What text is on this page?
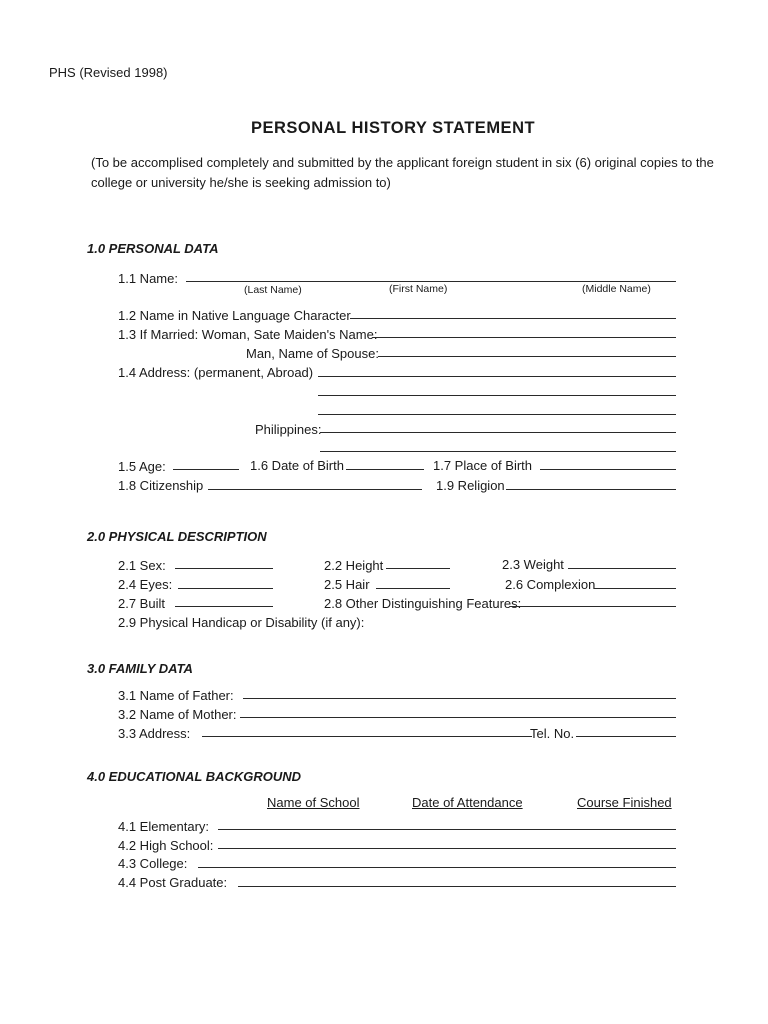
PHS (Revised 1998)
PERSONAL HISTORY STATEMENT
(To be accomplised completely and submitted by the applicant foreign student in six (6) original copies to the
college or university he/she is seeking admission to)
1.0 PERSONAL DATA
1.1 Name:
(Last Name)	(First Name)	(Middle Name)
1.2 Name in Native Language Character
1.3 If Married: Woman, Sate Maiden's Name:
Man, Name of Spouse:
1.4 Address: (permanent, Abroad)
Philippines:
1.5 Age:	1.6 Date of Birth	1.7 Place of Birth
1.8 Citizenship	1.9 Religion
2.0 PHYSICAL DESCRIPTION
2.1 Sex:	2.2 Height	2.3 Weight
2.4 Eyes:	2.5 Hair	2.6 Complexion
2.7 Built	2.8 Other Distinguishing Features:
2.9 Physical Handicap or Disability (if any):
3.0 FAMILY DATA
3.1 Name of Father:
3.2 Name of Mother:
3.3 Address:	Tel. No.
4.0 EDUCATIONAL BACKGROUND
Name of School	Date of Attendance	Course Finished
4.1 Elementary:
4.2 High School:
4.3 College:
4.4 Post Graduate:
